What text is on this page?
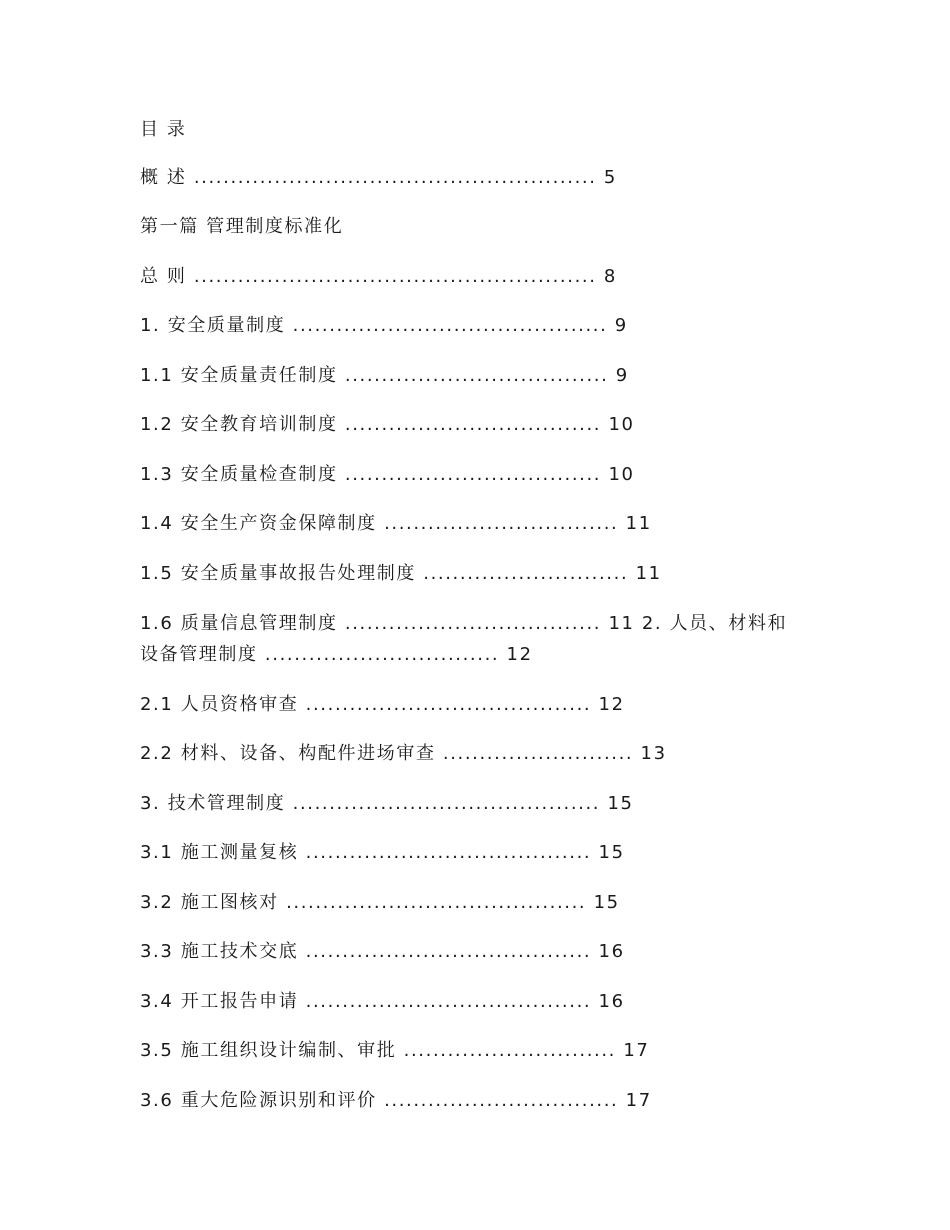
目 录
概 述 ....................................................... 5
第一篇 管理制度标准化
总 则 ....................................................... 8
1. 安全质量制度 ........................................... 9
1.1 安全质量责任制度 .................................... 9
1.2 安全教育培训制度 ................................... 10
1.3 安全质量检查制度 ................................... 10
1.4 安全生产资金保障制度 ................................ 11
1.5 安全质量事故报告处理制度 ............................ 11
1.6 质量信息管理制度 ................................... 11 2. 人员、材料和
设备管理制度 ................................ 12
2.1 人员资格审查 ....................................... 12
2.2 材料、设备、构配件进场审查 .......................... 13
3. 技术管理制度 .......................................... 15
3.1 施工测量复核 ....................................... 15
3.2 施工图核对 ......................................... 15
3.3 施工技术交底 ....................................... 16
3.4 开工报告申请 ....................................... 16
3.5 施工组织设计编制、审批 ............................. 17
3.6 重大危险源识别和评价 ................................ 17
